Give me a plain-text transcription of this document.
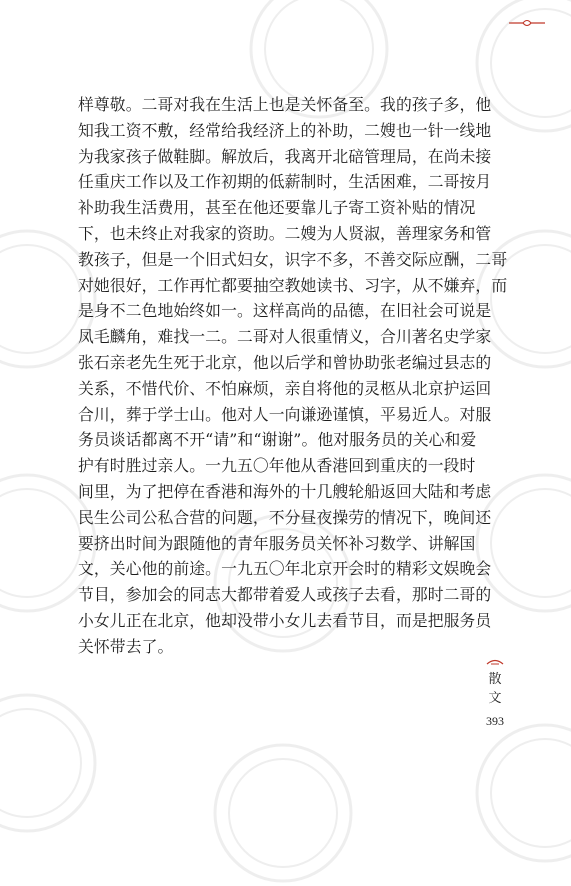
样尊敬。二哥对我在生活上也是关怀备至。我的孩子多，他
知我工资不敷，经常给我经济上的补助，二嫂也一针一线地
为我家孩子做鞋脚。解放后，我离开北碚管理局，在尚未接
任重庆工作以及工作初期的低薪制时，生活困难，二哥按月
补助我生活费用，甚至在他还要靠儿子寄工资补贴的情况
下，也未终止对我家的资助。二嫂为人贤淑，善理家务和管
教孩子，但是一个旧式妇女，识字不多，不善交际应酬，二哥
对她很好，工作再忙都要抽空教她读书、习字，从不嫌弃，而
是身不二色地始终如一。这样高尚的品德，在旧社会可说是
凤毛麟角，难找一二。二哥对人很重情义，合川著名史学家
张石亲老先生死于北京，他以后学和曾协助张老编过县志的
关系，不惜代价、不怕麻烦，亲自将他的灵柩从北京护运回
合川，葬于学士山。他对人一向谦逊谨慎，平易近人。对服
务员谈话都离不开“请”和“谢谢”。他对服务员的关心和爱
护有时胜过亲人。一九五〇年他从香港回到重庆的一段时
间里，为了把停在香港和海外的十几艘轮船返回大陆和考虑
民生公司公私合营的问题，不分昼夜操劳的情况下，晚间还
要挤出时间为跟随他的青年服务员关怀补习数学、讲解国
文，关心他的前途。一九五〇年北京开会时的精彩文娱晚会
节目，参加会的同志大都带着爱人或孩子去看，那时二哥的
小女儿正在北京，他却没带小女儿去看节目，而是把服务员
关怀带去了。
散
文
393
